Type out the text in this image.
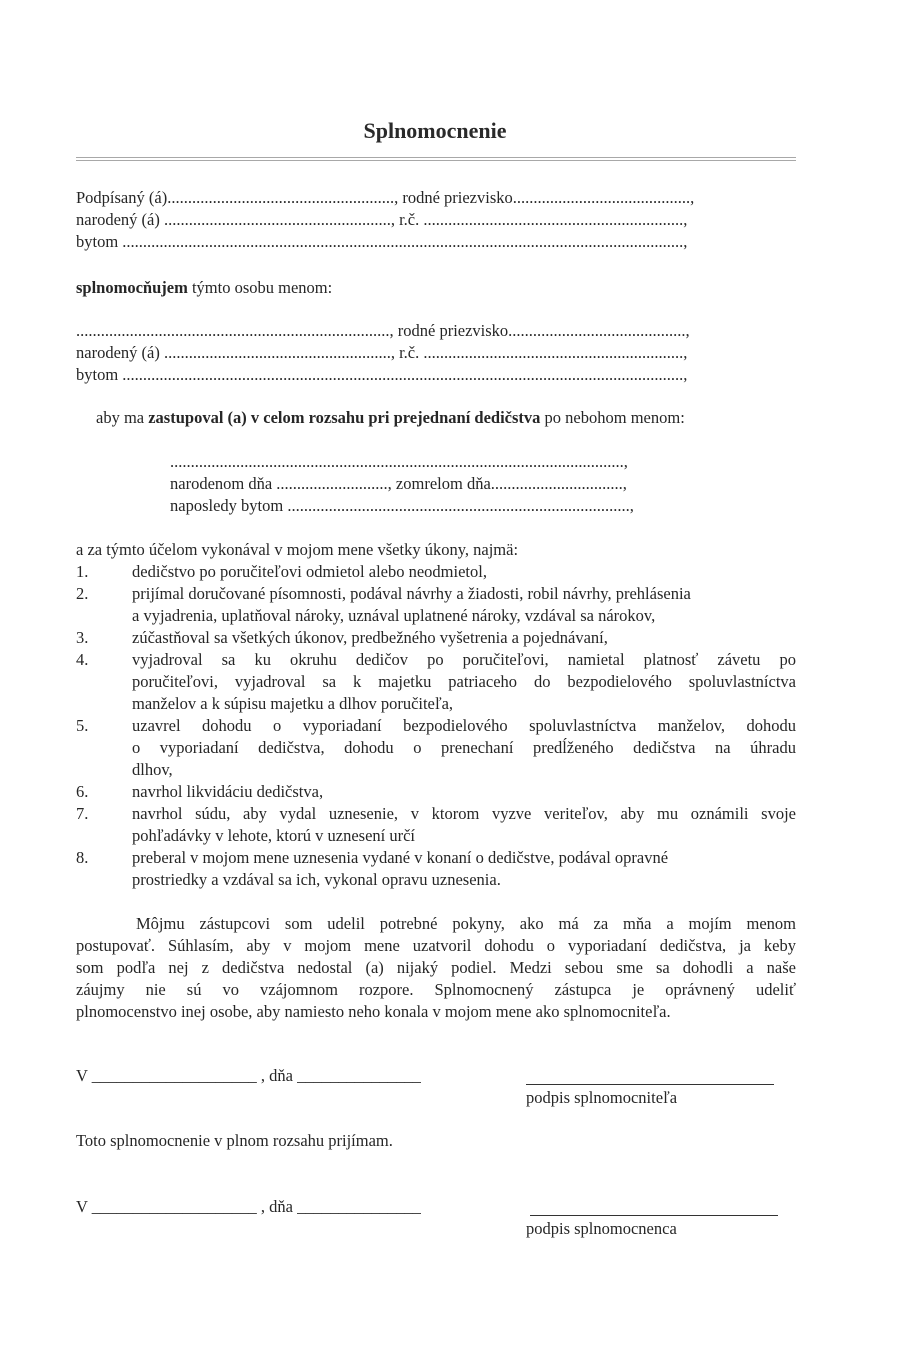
Splnomocnenie
Podpísaný (á)......................................................., rodné priezvisko...........................................,
narodený (á) ......................................................., r.č. ...............................................................,
bytom ........................................................................................................................................,
splnomocňujem týmto osobu menom:
............................................................................, rodné priezvisko...........................................,
narodený (á) ......................................................., r.č. ...............................................................,
bytom ........................................................................................................................................,
aby ma zastupoval (a) v celom rozsahu pri prejednaní dedičstva po nebohom menom:
..............................................................................................................,
narodenom dňa ..........................., zomrelom dňa................................,
naposledy bytom ...................................................................................,
a za týmto účelom vykonával v mojom mene všetky úkony, najmä:
1.	dedičstvo po poručiteľovi odmietol alebo neodmietol,
2.	prijímal doručované písomnosti, podával návrhy a žiadosti, robil návrhy, prehlásenia
a vyjadrenia, uplatňoval nároky, uznával uplatnené nároky, vzdával sa nárokov,
3.	zúčastňoval sa všetkých úkonov, predbežného vyšetrenia a pojednávaní,
4.	vyjadroval sa ku okruhu dedičov po poručiteľovi, namietal platnosť závetu po
poručiteľovi, vyjadroval sa k majetku patriaceho do bezpodielového spoluvlastníctva
manželov a k súpisu majetku a dlhov poručiteľa,
5.	uzavrel dohodu o vyporiadaní bezpodielového spoluvlastníctva manželov, dohodu
o vyporiadaní dedičstva, dohodu o prenechaní predĺženého dedičstva na úhradu
dlhov,
6.	navrhol likvidáciu dedičstva,
7.	navrhol súdu, aby vydal uznesenie, v ktorom vyzve veriteľov, aby mu oznámili svoje
pohľadávky v lehote, ktorú v uznesení určí
8.	preberal v mojom mene uznesenia vydané v konaní o dedičstve, podával opravné
prostriedky a vzdával sa ich, vykonal opravu uznesenia.
Môjmu zástupcovi som udelil potrebné pokyny, ako má za mňa a mojím menom
postupovať. Súhlasím, aby v mojom mene uzatvoril dohodu o vyporiadaní dedičstva, ja keby
som podľa nej z dedičstva nedostal (a) nijaký podiel. Medzi sebou sme sa dohodli a naše
záujmy nie sú vo vzájomnom rozpore. Splnomocnený zástupca je oprávnený udeliť
plnomocenstvo inej osobe, aby namiesto neho konala v mojom mene ako splnomocniteľa.
V ____________________ , dňa _______________
podpis splnomocniteľa
Toto splnomocnenie v plnom rozsahu prijímam.
V ____________________ , dňa _______________
podpis splnomocnenca
